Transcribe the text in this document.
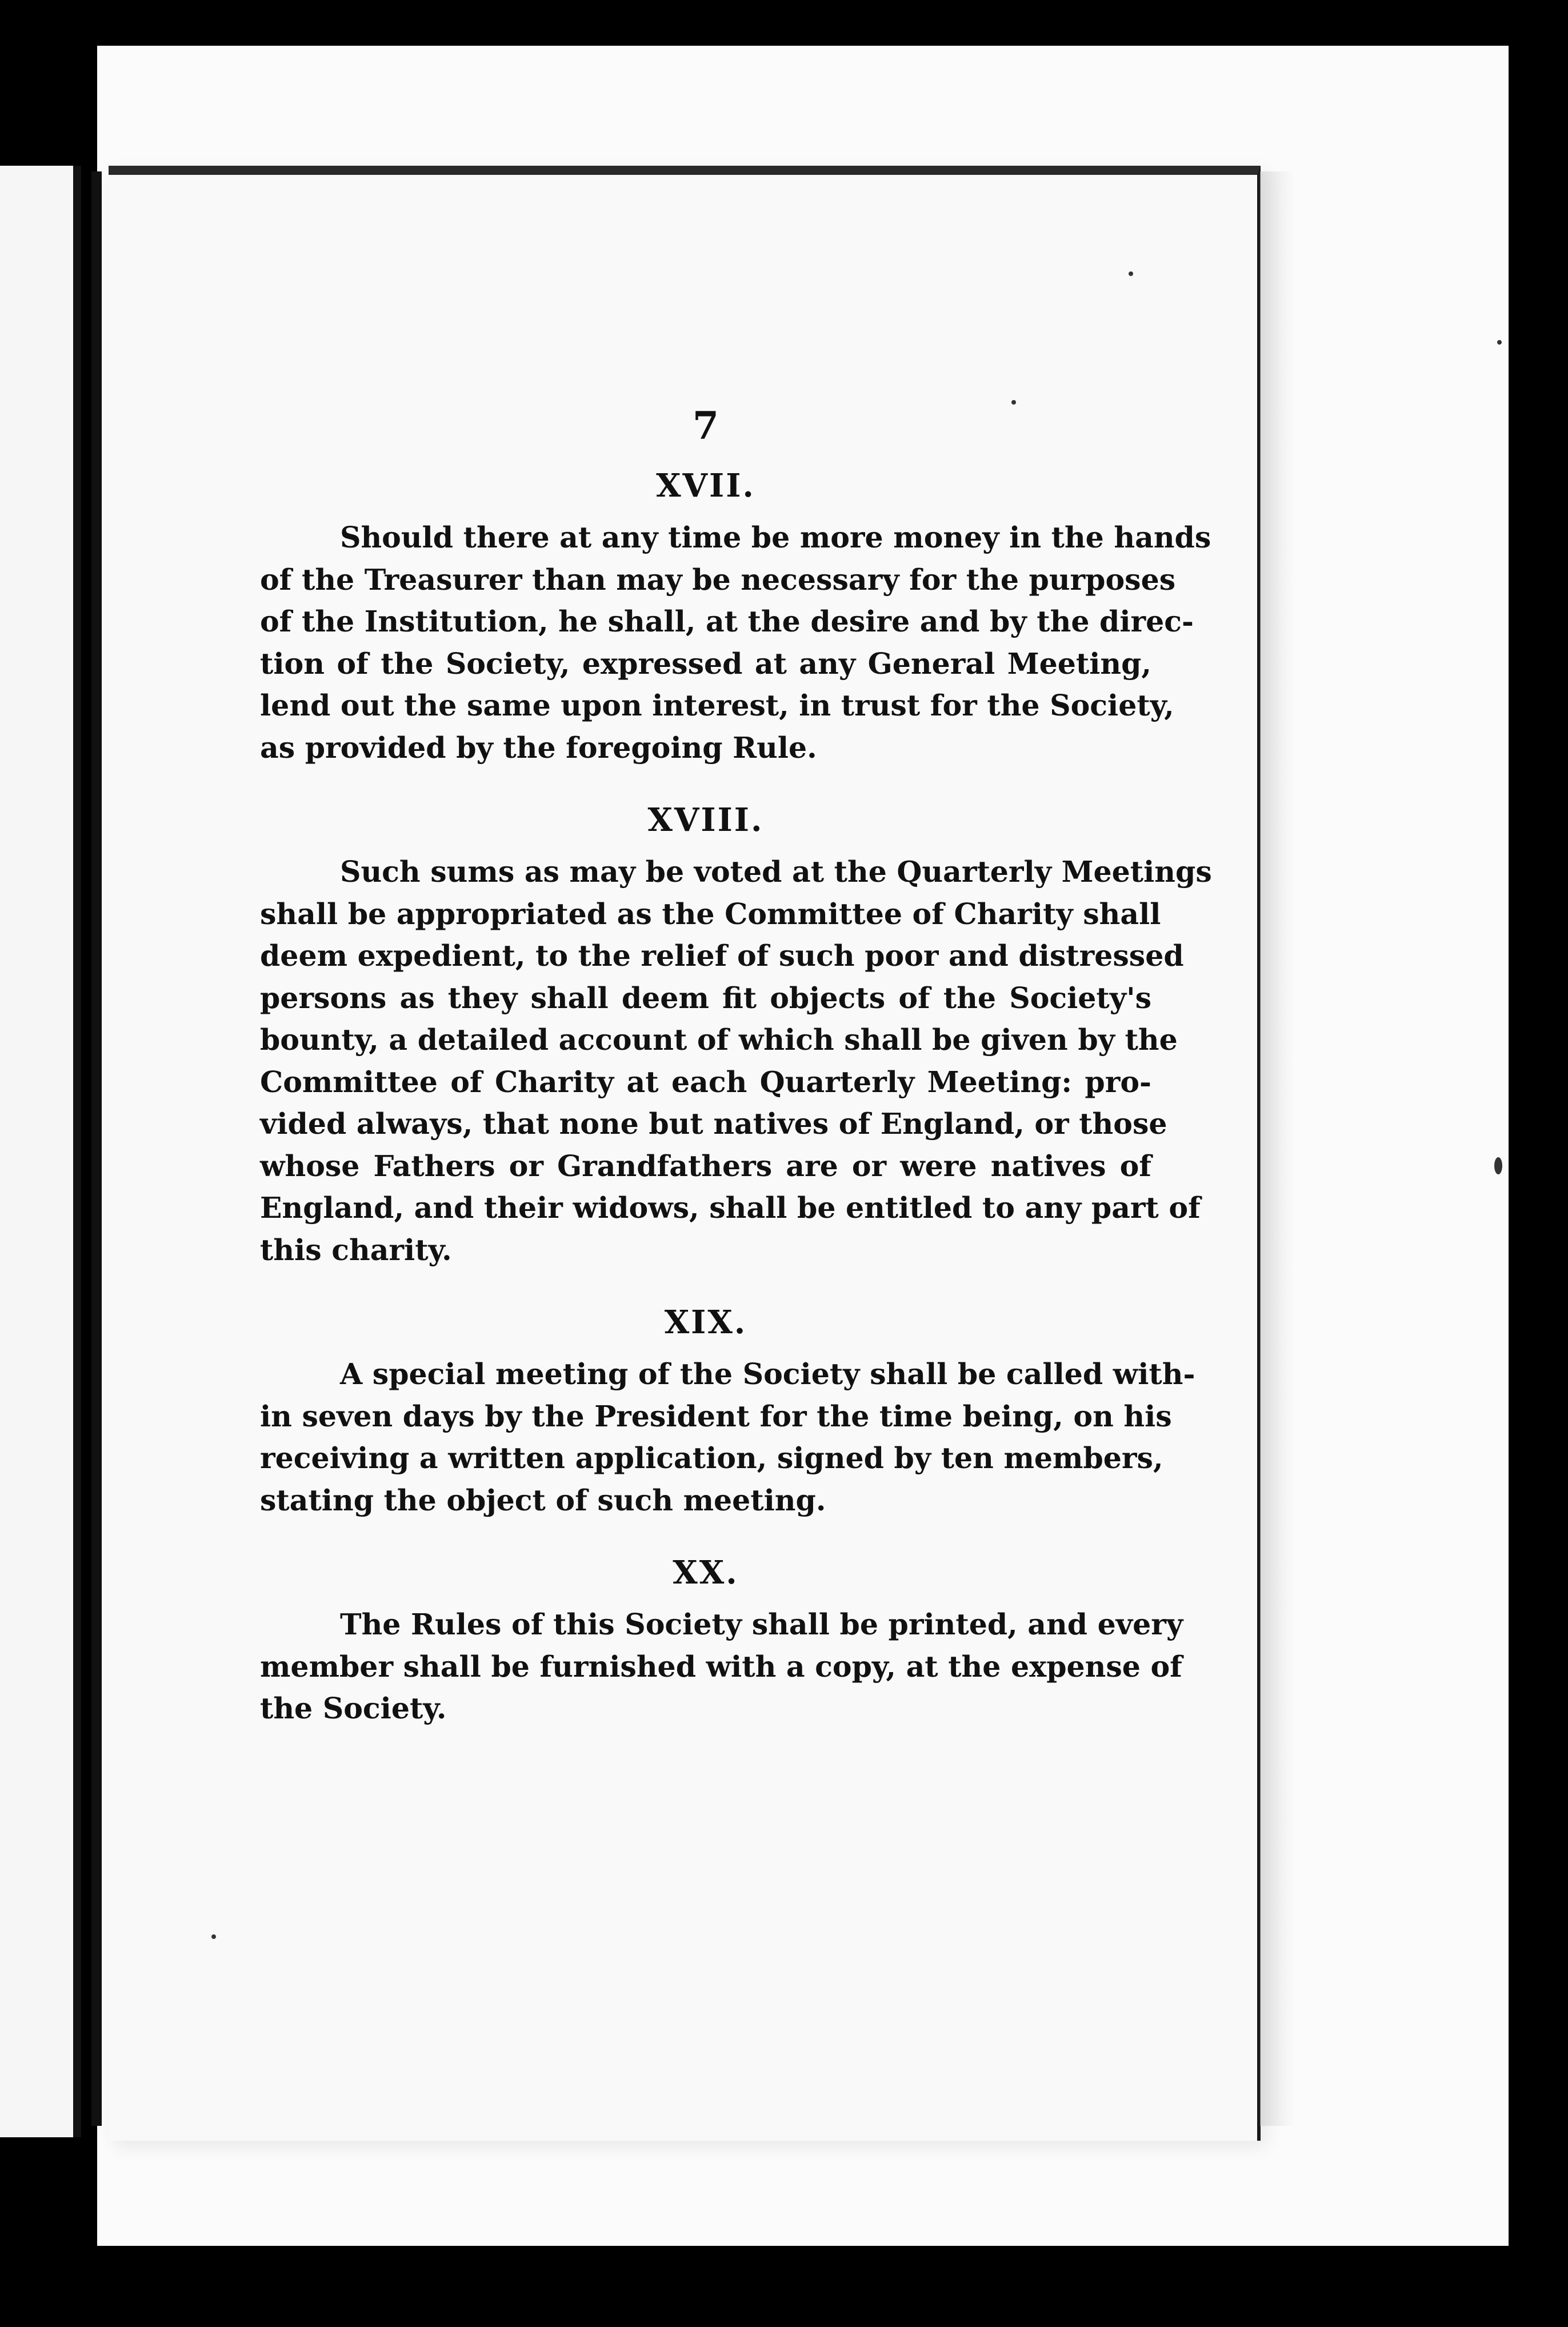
7
XVII.
Should there at any time be more money in the hands
of the Treasurer than may be necessary for the purposes
of the Institution, he shall, at the desire and by the direc-
tion of the Society, expressed at any General Meeting,
lend out the same upon interest, in trust for the Society,
as provided by the foregoing Rule.
XVIII.
Such sums as may be voted at the Quarterly Meetings
shall be appropriated as the Committee of Charity shall
deem expedient, to the relief of such poor and distressed
persons as they shall deem fit objects of the Society's
bounty, a detailed account of which shall be given by the
Committee of Charity at each Quarterly Meeting: pro-
vided always, that none but natives of England, or those
whose Fathers or Grandfathers are or were natives of
England, and their widows, shall be entitled to any part of
this charity.
XIX.
A special meeting of the Society shall be called with-
in seven days by the President for the time being, on his
receiving a written application, signed by ten members,
stating the object of such meeting.
XX.
The Rules of this Society shall be printed, and every
member shall be furnished with a copy, at the expense of
the Society.
